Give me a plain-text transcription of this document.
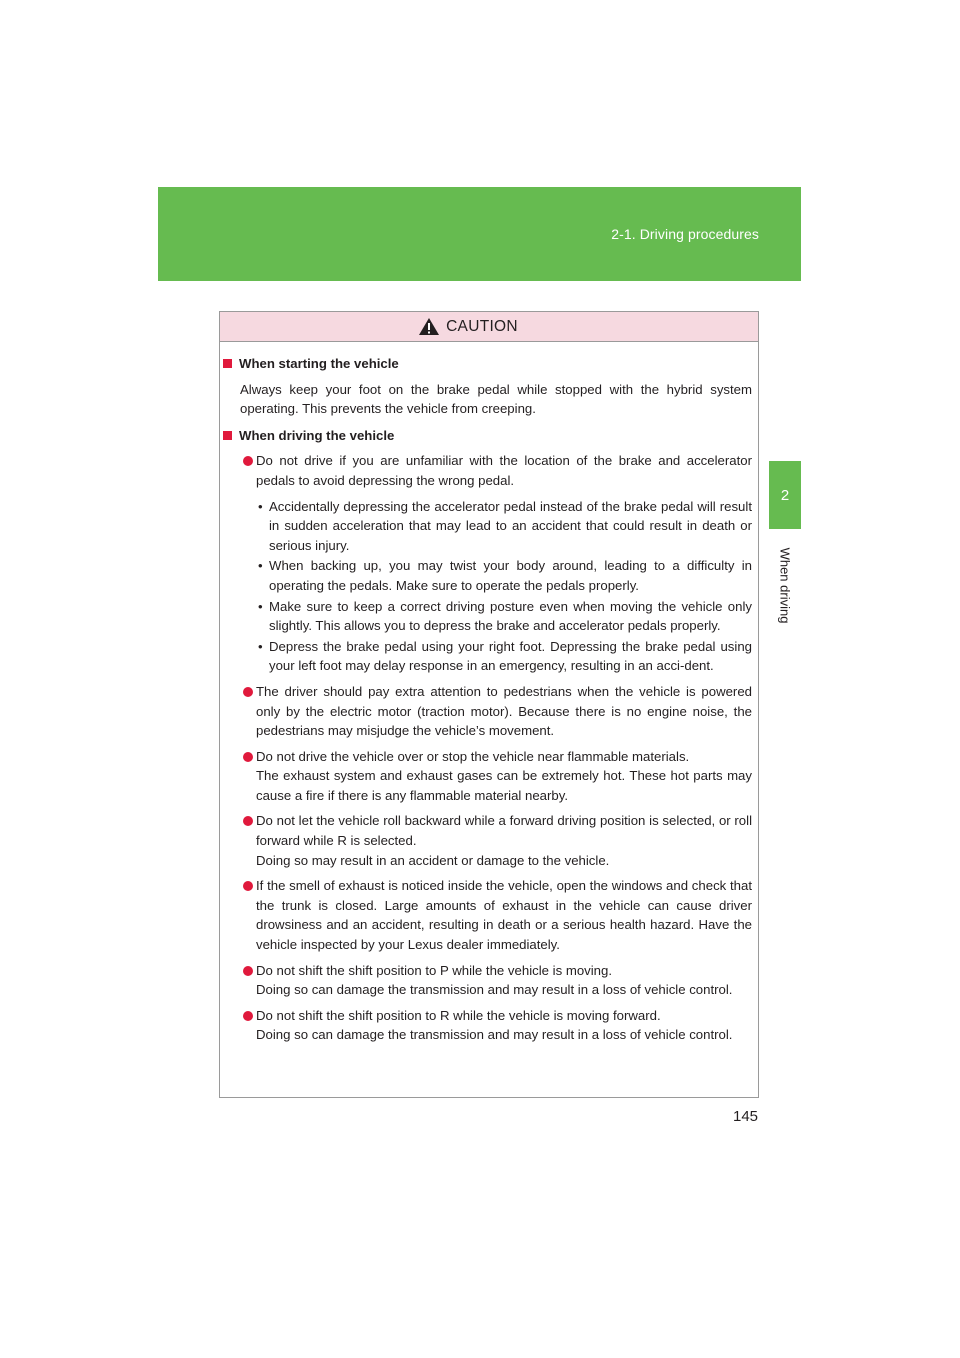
2-1. Driving procedures
2
When driving
CAUTION
When starting the vehicle
Always keep your foot on the brake pedal while stopped with the hybrid system operating. This prevents the vehicle from creeping.
When driving the vehicle
Do not drive if you are unfamiliar with the location of the brake and accelerator pedals to avoid depressing the wrong pedal.
• Accidentally depressing the accelerator pedal instead of the brake pedal will result in sudden acceleration that may lead to an accident that could result in death or serious injury.
• When backing up, you may twist your body around, leading to a difficulty in operating the pedals. Make sure to operate the pedals properly.
• Make sure to keep a correct driving posture even when moving the vehicle only slightly. This allows you to depress the brake and accelerator pedals properly.
• Depress the brake pedal using your right foot. Depressing the brake pedal using your left foot may delay response in an emergency, resulting in an acci-dent.
The driver should pay extra attention to pedestrians when the vehicle is powered only by the electric motor (traction motor). Because there is no engine noise, the pedestrians may misjudge the vehicle’s movement.
Do not drive the vehicle over or stop the vehicle near flammable materials.
The exhaust system and exhaust gases can be extremely hot. These hot parts may cause a fire if there is any flammable material nearby.
Do not let the vehicle roll backward while a forward driving position is selected, or roll forward while R is selected.
Doing so may result in an accident or damage to the vehicle.
If the smell of exhaust is noticed inside the vehicle, open the windows and check that the trunk is closed. Large amounts of exhaust in the vehicle can cause driver drowsiness and an accident, resulting in death or a serious health hazard. Have the vehicle inspected by your Lexus dealer immediately.
Do not shift the shift position to P while the vehicle is moving.
Doing so can damage the transmission and may result in a loss of vehicle control.
Do not shift the shift position to R while the vehicle is moving forward.
Doing so can damage the transmission and may result in a loss of vehicle control.
145
